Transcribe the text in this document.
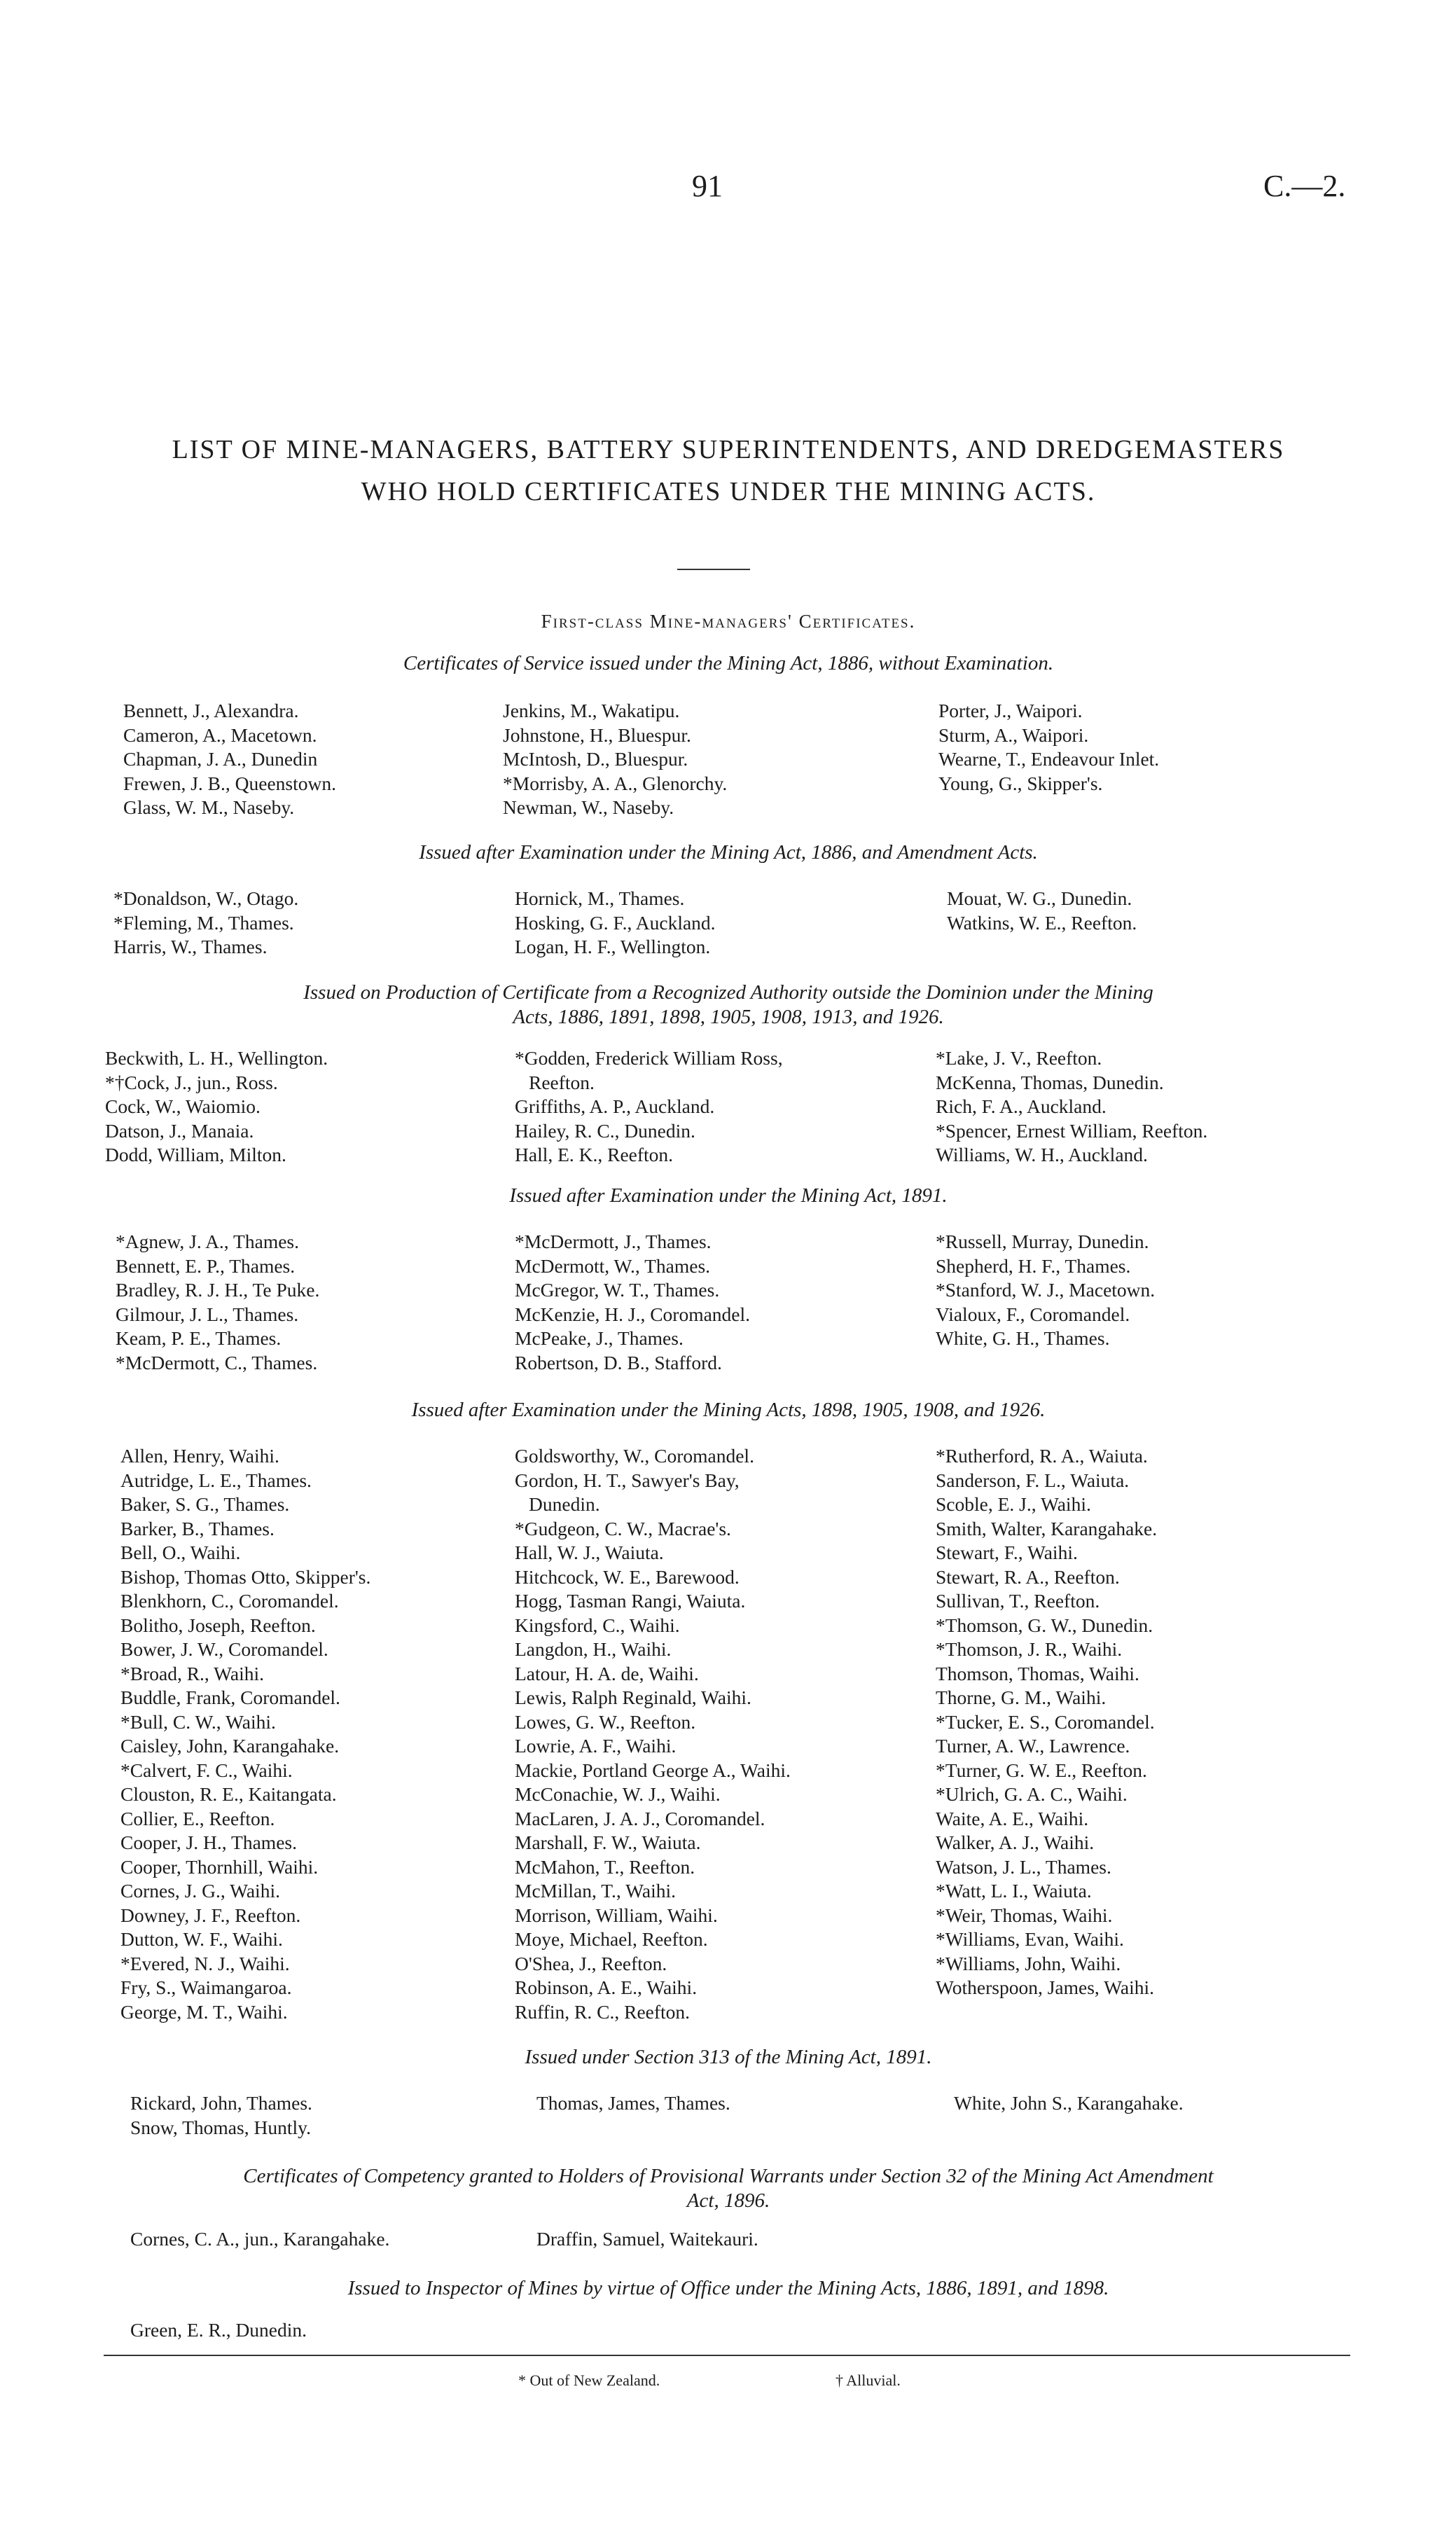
91	C.—2.
LIST OF MINE-MANAGERS, BATTERY SUPERINTENDENTS, AND DREDGEMASTERS
WHO HOLD CERTIFICATES UNDER THE MINING ACTS.
First-class Mine-managers' Certificates.
Certificates of Service issued under the Mining Act, 1886, without Examination.
Bennett, J., Alexandra.
Cameron, A., Macetown.
Chapman, J. A., Dunedin
Frewen, J. B., Queenstown.
Glass, W. M., Naseby.
Jenkins, M., Wakatipu.
Johnstone, H., Bluespur.
McIntosh, D., Bluespur.
*Morrisby, A. A., Glenorchy.
Newman, W., Naseby.
Porter, J., Waipori.
Sturm, A., Waipori.
Wearne, T., Endeavour Inlet.
Young, G., Skipper's.
Issued after Examination under the Mining Act, 1886, and Amendment Acts.
*Donaldson, W., Otago.
*Fleming, M., Thames.
Harris, W., Thames.
Hornick, M., Thames.
Hosking, G. F., Auckland.
Logan, H. F., Wellington.
Mouat, W. G., Dunedin.
Watkins, W. E., Reefton.
Issued on Production of Certificate from a Recognized Authority outside the Dominion under the Mining
Acts, 1886, 1891, 1898, 1905, 1908, 1913, and 1926.
Beckwith, L. H., Wellington.
*†Cock, J., jun., Ross.
Cock, W., Waiomio.
Datson, J., Manaia.
Dodd, William, Milton.
*Godden, Frederick William Ross,
Reefton.
Griffiths, A. P., Auckland.
Hailey, R. C., Dunedin.
Hall, E. K., Reefton.
*Lake, J. V., Reefton.
McKenna, Thomas, Dunedin.
Rich, F. A., Auckland.
*Spencer, Ernest William, Reefton.
Williams, W. H., Auckland.
Issued after Examination under the Mining Act, 1891.
*Agnew, J. A., Thames.
Bennett, E. P., Thames.
Bradley, R. J. H., Te Puke.
Gilmour, J. L., Thames.
Keam, P. E., Thames.
*McDermott, C., Thames.
*McDermott, J., Thames.
McDermott, W., Thames.
McGregor, W. T., Thames.
McKenzie, H. J., Coromandel.
McPeake, J., Thames.
Robertson, D. B., Stafford.
*Russell, Murray, Dunedin.
Shepherd, H. F., Thames.
*Stanford, W. J., Macetown.
Vialoux, F., Coromandel.
White, G. H., Thames.
Issued after Examination under the Mining Acts, 1898, 1905, 1908, and 1926.
Allen, Henry, Waihi.
Autridge, L. E., Thames.
Baker, S. G., Thames.
Barker, B., Thames.
Bell, O., Waihi.
Bishop, Thomas Otto, Skipper's.
Blenkhorn, C., Coromandel.
Bolitho, Joseph, Reefton.
Bower, J. W., Coromandel.
*Broad, R., Waihi.
Buddle, Frank, Coromandel.
*Bull, C. W., Waihi.
Caisley, John, Karangahake.
*Calvert, F. C., Waihi.
Clouston, R. E., Kaitangata.
Collier, E., Reefton.
Cooper, J. H., Thames.
Cooper, Thornhill, Waihi.
Cornes, J. G., Waihi.
Downey, J. F., Reefton.
Dutton, W. F., Waihi.
*Evered, N. J., Waihi.
Fry, S., Waimangaroa.
George, M. T., Waihi.
Goldsworthy, W., Coromandel.
Gordon, H. T., Sawyer's Bay,
Dunedin.
*Gudgeon, C. W., Macrae's.
Hall, W. J., Waiuta.
Hitchcock, W. E., Barewood.
Hogg, Tasman Rangi, Waiuta.
Kingsford, C., Waihi.
Langdon, H., Waihi.
Latour, H. A. de, Waihi.
Lewis, Ralph Reginald, Waihi.
Lowes, G. W., Reefton.
Lowrie, A. F., Waihi.
Mackie, Portland George A., Waihi.
McConachie, W. J., Waihi.
MacLaren, J. A. J., Coromandel.
Marshall, F. W., Waiuta.
McMahon, T., Reefton.
McMillan, T., Waihi.
Morrison, William, Waihi.
Moye, Michael, Reefton.
O'Shea, J., Reefton.
Robinson, A. E., Waihi.
Ruffin, R. C., Reefton.
*Rutherford, R. A., Waiuta.
Sanderson, F. L., Waiuta.
Scoble, E. J., Waihi.
Smith, Walter, Karangahake.
Stewart, F., Waihi.
Stewart, R. A., Reefton.
Sullivan, T., Reefton.
*Thomson, G. W., Dunedin.
*Thomson, J. R., Waihi.
Thomson, Thomas, Waihi.
Thorne, G. M., Waihi.
*Tucker, E. S., Coromandel.
Turner, A. W., Lawrence.
*Turner, G. W. E., Reefton.
*Ulrich, G. A. C., Waihi.
Waite, A. E., Waihi.
Walker, A. J., Waihi.
Watson, J. L., Thames.
*Watt, L. I., Waiuta.
*Weir, Thomas, Waihi.
*Williams, Evan, Waihi.
*Williams, John, Waihi.
Wotherspoon, James, Waihi.
Issued under Section 313 of the Mining Act, 1891.
Rickard, John, Thames.
Snow, Thomas, Huntly.
Thomas, James, Thames.	White, John S., Karangahake.
Certificates of Competency granted to Holders of Provisional Warrants under Section 32 of the Mining Act Amendment
Act, 1896.
Cornes, C. A., jun., Karangahake.	Draffin, Samuel, Waitekauri.
Issued to Inspector of Mines by virtue of Office under the Mining Acts, 1886, 1891, and 1898.
Green, E. R., Dunedin.
* Out of New Zealand.	† Alluvial.
